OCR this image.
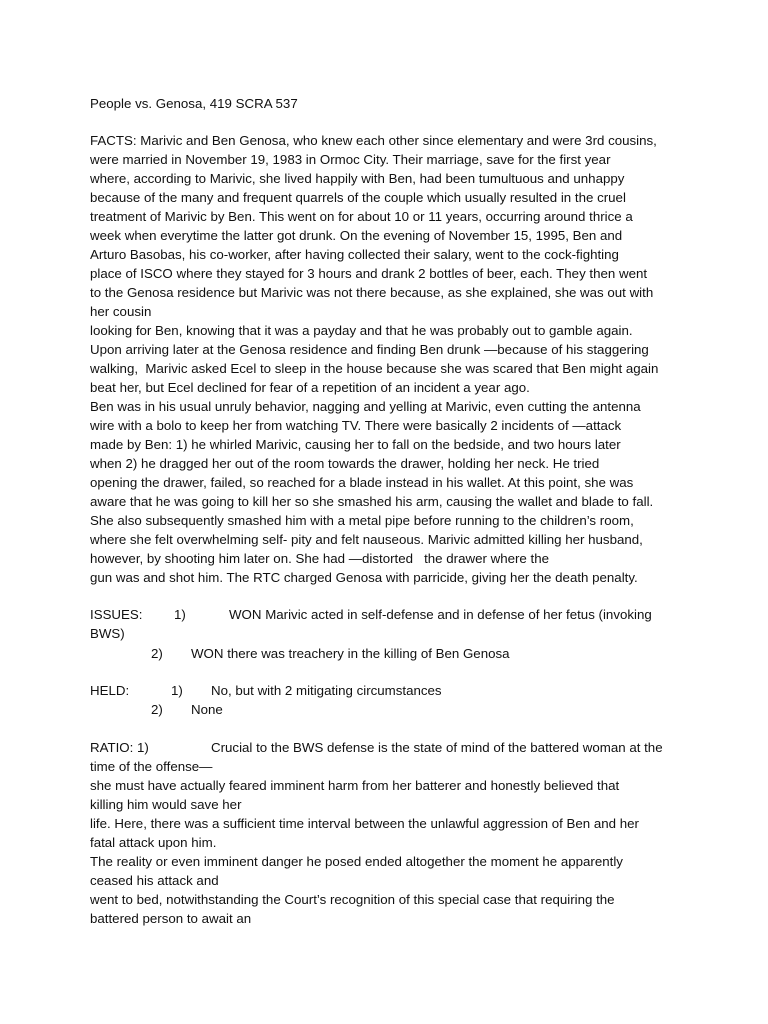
People vs. Genosa, 419 SCRA 537
FACTS: Marivic and Ben Genosa, who knew each other since elementary and were 3rd cousins,
were married in November 19, 1983 in Ormoc City. Their marriage, save for the first year
where, according to Marivic, she lived happily with Ben, had been tumultuous and unhappy
because of the many and frequent quarrels of the couple which usually resulted in the cruel
treatment of Marivic by Ben. This went on for about 10 or 11 years, occurring around thrice a
week when everytime the latter got drunk. On the evening of November 15, 1995, Ben and
Arturo Basobas, his co-worker, after having collected their salary, went to the cock-fighting
place of ISCO where they stayed for 3 hours and drank 2 bottles of beer, each. They then went
to the Genosa residence but Marivic was not there because, as she explained, she was out with
her cousin
looking for Ben, knowing that it was a payday and that he was probably out to gamble again.
Upon arriving later at the Genosa residence and finding Ben drunk ―because of his staggering
walking,  Marivic asked Ecel to sleep in the house because she was scared that Ben might again
beat her, but Ecel declined for fear of a repetition of an incident a year ago.
Ben was in his usual unruly behavior, nagging and yelling at Marivic, even cutting the antenna
wire with a bolo to keep her from watching TV. There were basically 2 incidents of ―attack
made by Ben: 1) he whirled Marivic, causing her to fall on the bedside, and two hours later
when 2) he dragged her out of the room towards the drawer, holding her neck. He tried
opening the drawer, failed, so reached for a blade instead in his wallet. At this point, she was
aware that he was going to kill her so she smashed his arm, causing the wallet and blade to fall.
She also subsequently smashed him with a metal pipe before running to the children’s room,
where she felt overwhelming self- pity and felt nauseous. Marivic admitted killing her husband,
however, by shooting him later on. She had ―distorted   the drawer where the
gun was and shot him. The RTC charged Genosa with parricide, giving her the death penalty.
ISSUES: 1)	WON Marivic acted in self-defense and in defense of her fetus (invoking
BWS)
2) WON there was treachery in the killing of Ben Genosa
HELD:	1) No, but with 2 mitigating circumstances
2) None
RATIO: 1)	Crucial to the BWS defense is the state of mind of the battered woman at the
time of the offense―
she must have actually feared imminent harm from her batterer and honestly believed that
killing him would save her
life. Here, there was a sufficient time interval between the unlawful aggression of Ben and her
fatal attack upon him.
The reality or even imminent danger he posed ended altogether the moment he apparently
ceased his attack and
went to bed, notwithstanding the Court’s recognition of this special case that requiring the
battered person to await an
